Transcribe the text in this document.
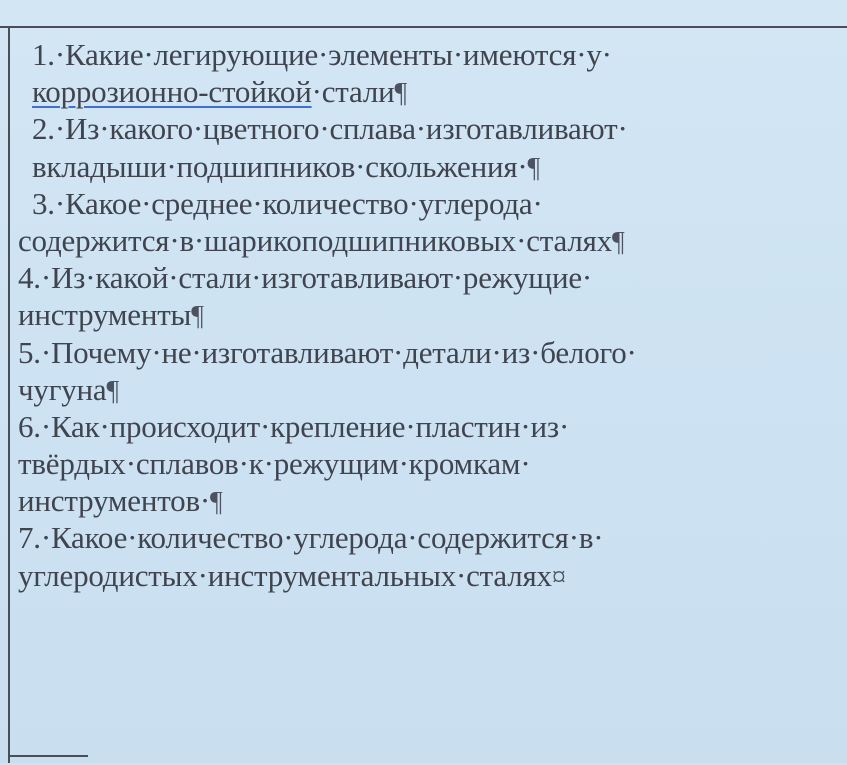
1.·Какие·легирующие·элементы·имеются·у·
коррозионно-стойкой·стали¶
2.·Из·какого·цветного·сплава·изготавливают·
вкладыши·подшипников·скольжения·¶
3.·Какое·среднее·количество·углерода·
содержится·в·шарикоподшипниковых·сталях¶
4.·Из·какой·стали·изготавливают·режущие·
инструменты¶
5.·Почему·не·изготавливают·детали·из·белого·
чугуна¶
6.·Как·происходит·крепление·пластин·из·
твёрдых·сплавов·к·режущим·кромкам·
инструментов·¶
7.·Какое·количество·углерода·содержится·в·
углеродистых·инструментальных·сталях¤
